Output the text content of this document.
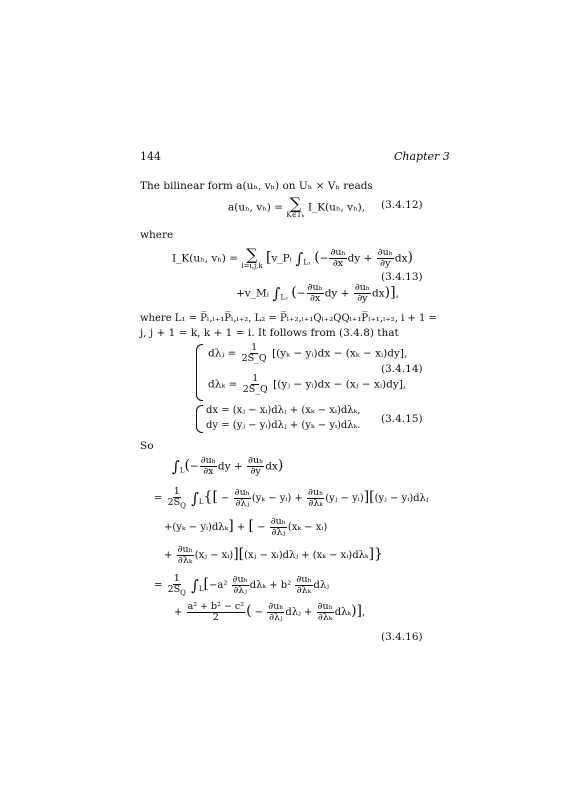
144	Chapter 3
The bilinear form a(uₕ, vₕ) on Uₕ × Vₕ reads
a(uₕ, vₕ) = ∑
K∈Tₕ
I_K(uₕ, vₕ), (3.4.12)
where
I_K(uₕ, vₕ) = ∑
l=i,j,k
[v_Pₗ $\int_{L_1}$ (− $\frac{\text{∂uₕ}}{\partial x}$ dy + $\frac{\text{∂uₕ}}{\partial y} dx$)
+v_Mₗ $\int_{L_2}$ (− $\frac{\text{∂uₕ}}{\partial x}$ dy + $\frac{\text{∂uₕ}}{\partial y} dx$)],
(3.4.13)
where L₁ = P̅ₗ,ₗ₊₁P̅ₗ,ₗ₊₂, L₂ = P̅ₗ₊₂,ₗ₊₁Qₗ₊₂QQₗ₊₁P̅ₗ₊₁,ₗ₊₂, i + 1 =
j, j + 1 = k, k + 1 = i. It follows from (3.4.8) that
dλⱼ = $\frac{1}{2S\_Q} [(y_k$ − yᵢ)dx − (xₖ − xᵢ)dy],
$d\lambda_k = \frac{1}{2S\_Q}$ [(yⱼ − yᵢ)dx − (xⱼ − xᵢ)dy],
(3.4.14)
dx = (xⱼ − xᵢ)dλⱼ + (xₖ − xᵢ)dλₖ,
dy = (yⱼ − yᵢ)dλⱼ + (yₖ − yᵢ)dλₖ.
(3.4.15)
So
$\int_L(- \frac{\text{∂uₕ}}{\partial x}$ dy + $\frac{\text{∂uₕ}}{\partial y} dx$)
= $\frac{1}{2S_Q} \int_L\{[ - \frac{\text{∂uₕ}}{\text{∂λⱼ}} (y_k$ − yᵢ) + $\frac{\text{∂uₕ}}{\text{∂λₖ}}$ (yⱼ − yᵢ)][(yⱼ − yᵢ)dλⱼ
+(yₖ − yᵢ)dλₖ] + [ − $\frac{\text{∂uₕ}}{\text{∂λⱼ}} (x_k$ − xᵢ)
+ $\frac{\text{∂uₕ}}{\text{∂λₖ}}$ (xⱼ − xᵢ)][(xⱼ − xᵢ)dλⱼ + (xₖ − xᵢ)dλₖ]}
= $\frac{1}{2S_Q} \int_L[-a^2 \frac{\text{∂uₕ}}{\text{∂λⱼ}}$ $d\lambda_k + b^2 \frac{\text{∂uₕ}}{\text{∂λₖ}}$ dλⱼ
+ $\frac{\text{a² + b² − c²}}{2}$ ( − $\frac{\text{∂uₕ}}{\text{∂λⱼ}}$ dλⱼ + $\frac{\text{∂uₕ}}{\text{∂λₖ}} d\lambda_k$)],
(3.4.16)
